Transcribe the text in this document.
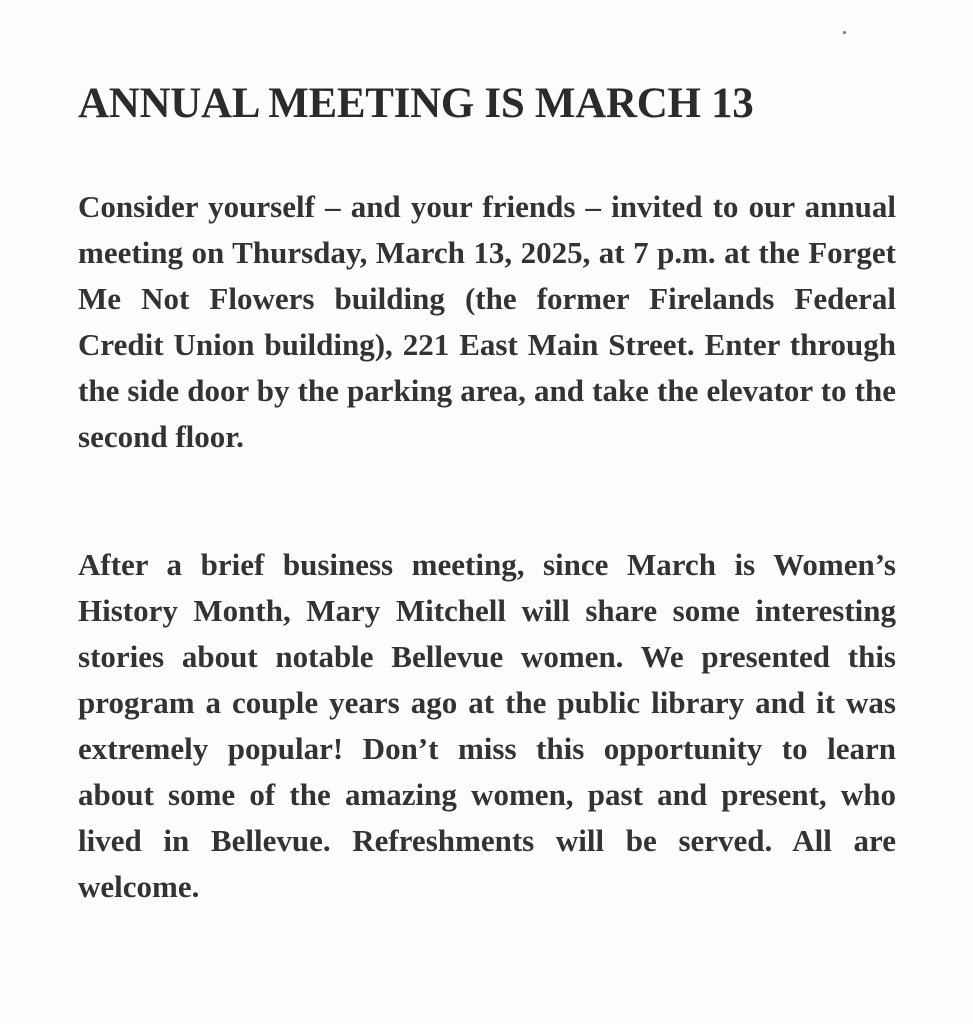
ANNUAL MEETING IS MARCH 13

Consider yourself – and your friends – invited to our annual meeting on Thursday, March 13, 2025, at 7 p.m. at the Forget Me Not Flowers building (the former Firelands Federal Credit Union building), 221 East Main Street. Enter through the side door by the parking area, and take the elevator to the second floor.

After a brief business meeting, since March is Women’s History Month, Mary Mitchell will share some interesting stories about notable Bellevue women. We presented this program a couple years ago at the public library and it was extremely popular! Don’t miss this opportunity to learn about some of the amazing women, past and present, who lived in Bellevue. Refreshments will be served. All are welcome.
